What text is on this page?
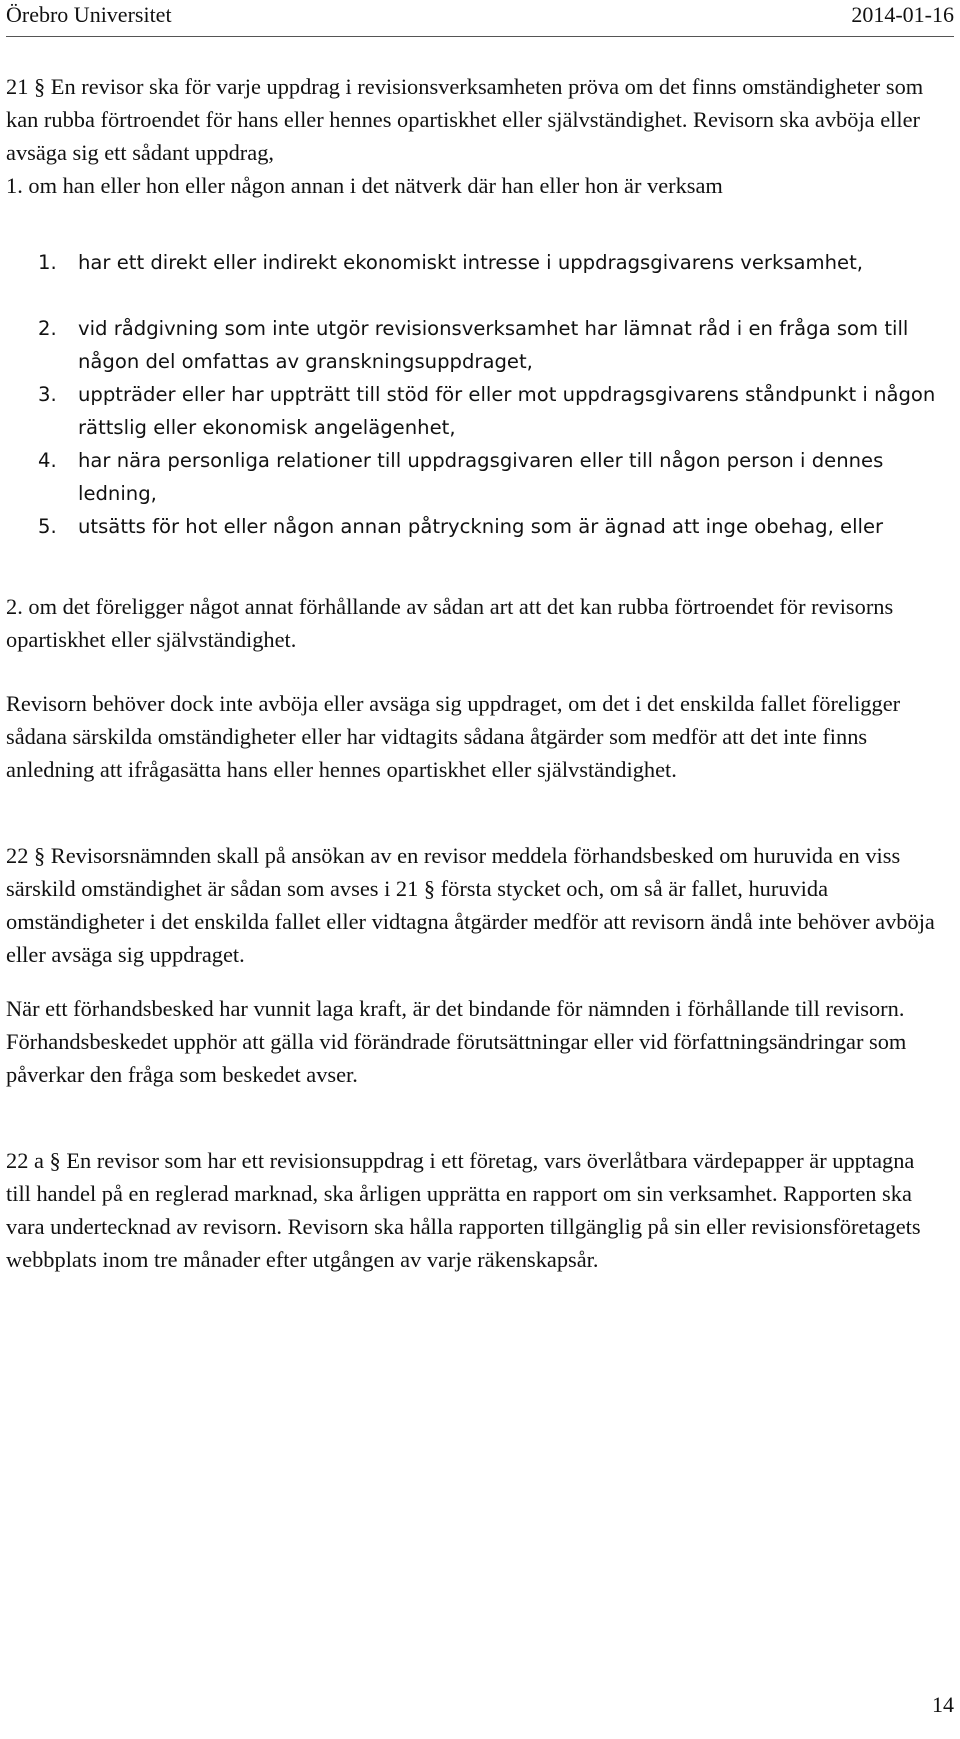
Örebro Universitet	2014-01-16
21 § En revisor ska för varje uppdrag i revisionsverksamheten pröva om det finns omständigheter som kan rubba förtroendet för hans eller hennes opartiskhet eller självständighet. Revisorn ska avböja eller avsäga sig ett sådant uppdrag,
1. om han eller hon eller någon annan i det nätverk där han eller hon är verksam
1. har ett direkt eller indirekt ekonomiskt intresse i uppdragsgivarens verksamhet,
2. vid rådgivning som inte utgör revisionsverksamhet har lämnat råd i en fråga som till någon del omfattas av granskningsuppdraget,
3. uppträder eller har uppträtt till stöd för eller mot uppdragsgivarens ståndpunkt i någon rättslig eller ekonomisk angelägenhet,
4. har nära personliga relationer till uppdragsgivaren eller till någon person i dennes ledning,
5. utsätts för hot eller någon annan påtryckning som är ägnad att inge obehag, eller
2. om det föreligger något annat förhållande av sådan art att det kan rubba förtroendet för revisorns opartiskhet eller självständighet.
Revisorn behöver dock inte avböja eller avsäga sig uppdraget, om det i det enskilda fallet föreligger sådana särskilda omständigheter eller har vidtagits sådana åtgärder som medför att det inte finns anledning att ifrågasätta hans eller hennes opartiskhet eller självständighet.
22 § Revisorsnämnden skall på ansökan av en revisor meddela förhandsbesked om huruvida en viss särskild omständighet är sådan som avses i 21 § första stycket och, om så är fallet, huruvida omständigheter i det enskilda fallet eller vidtagna åtgärder medför att revisorn ändå inte behöver avböja eller avsäga sig uppdraget.
När ett förhandsbesked har vunnit laga kraft, är det bindande för nämnden i förhållande till revisorn. Förhandsbeskedet upphör att gälla vid förändrade förutsättningar eller vid författningsändringar som påverkar den fråga som beskedet avser.
22 a § En revisor som har ett revisionsuppdrag i ett företag, vars överlåtbara värdepapper är upptagna till handel på en reglerad marknad, ska årligen upprätta en rapport om sin verksamhet. Rapporten ska vara undertecknad av revisorn. Revisorn ska hålla rapporten tillgänglig på sin eller revisionsföretagets webbplats inom tre månader efter utgången av varje räkenskapsår.
14
